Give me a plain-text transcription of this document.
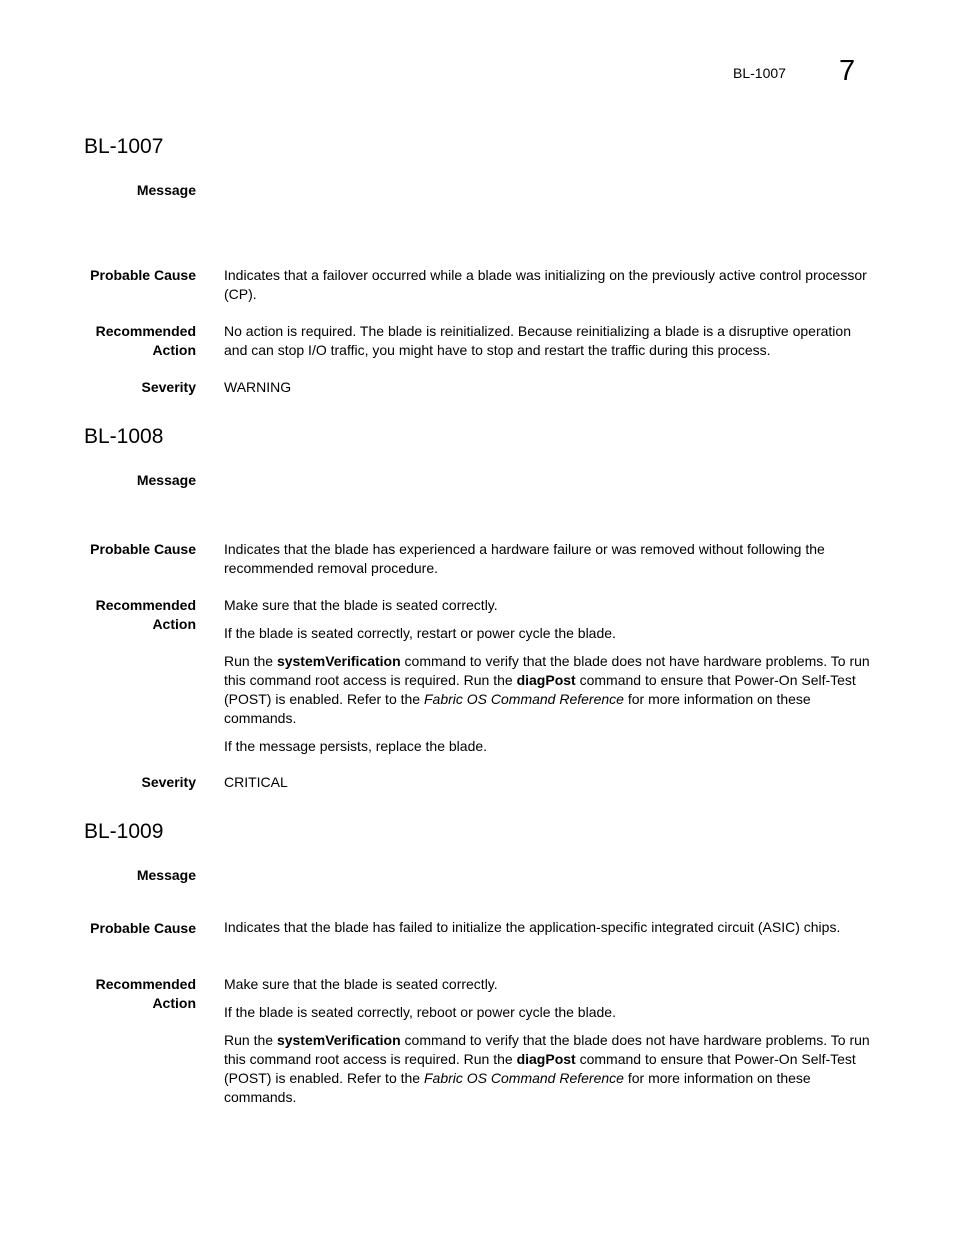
BL-1007 7
BL-1007
Message
Probable Cause Indicates that a failover occurred while a blade was initializing on the previously active control processor (CP).

Recommended
Action

No action is required. The blade is reinitialized. Because reinitializing a blade is a disruptive operation and can stop I/O traffic, you might have to stop and restart the traffic during this process.

Severity WARNING
BL-1008
Message
Probable Cause Indicates that the blade has experienced a hardware failure or was removed without following the recommended removal procedure.

Recommended
Action

Make sure that the blade is seated correctly.

If the blade is seated correctly, restart or power cycle the blade.

Run the systemVerification command to verify that the blade does not have hardware problems. To run this command root access is required. Run the diagPost command to ensure that Power-On Self-Test (POST) is enabled. Refer to the Fabric OS Command Reference for more information on these commands.

If the message persists, replace the blade.

Severity CRITICAL
BL-1009
Message
Probable Cause Indicates that the blade has failed to initialize the application-specific integrated circuit (ASIC) chips.

Recommended
Action

Make sure that the blade is seated correctly.

If the blade is seated correctly, reboot or power cycle the blade.

Run the systemVerification command to verify that the blade does not have hardware problems. To run this command root access is required. Run the diagPost command to ensure that Power-On Self-Test (POST) is enabled. Refer to the Fabric OS Command Reference for more information on these commands.
